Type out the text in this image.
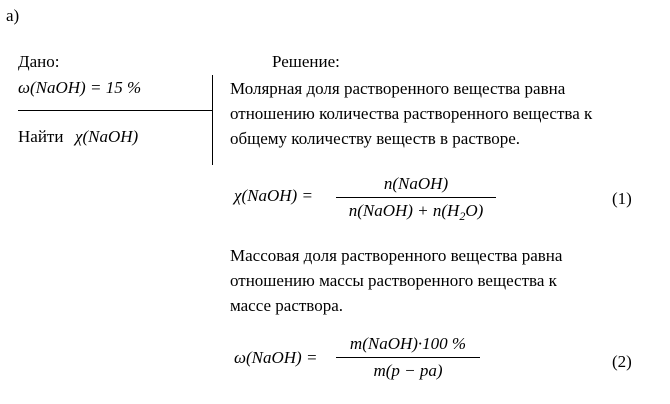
а)
Дано:
ω(NaOH) = 15 %
Найти χ(NaOH)
Решение:
Молярная доля растворенного вещества равна
отношению количества растворенного вещества к
общему количеству веществ в растворе.
χ(NaOH) =
n(NaOH)
n(NaOH) + $n(H_2O)$
(1)
Массовая доля растворенного вещества равна
отношению массы растворенного вещества к
массе раствора.
ω(NaOH) =
m(NaOH)·100 %
m(p − pa)	(2)
